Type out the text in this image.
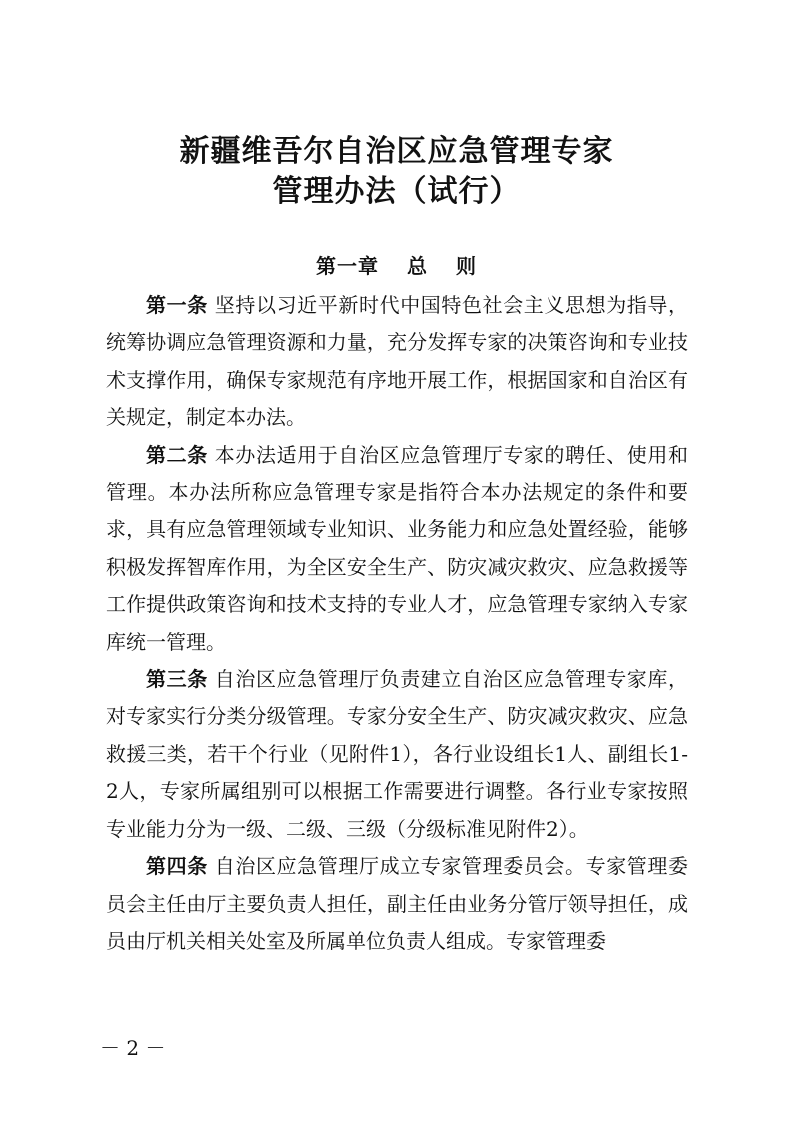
新疆维吾尔自治区应急管理专家
管理办法（试行）
第一章 总 则

第一条 坚持以习近平新时代中国特色社会主义思想为指导，统筹协调应急管理资源和力量，充分发挥专家的决策咨询和专业技术支撑作用，确保专家规范有序地开展工作，根据国家和自治区有关规定，制定本办法。

第二条 本办法适用于自治区应急管理厅专家的聘任、使用和管理。本办法所称应急管理专家是指符合本办法规定的条件和要求，具有应急管理领域专业知识、业务能力和应急处置经验，能够积极发挥智库作用，为全区安全生产、防灾减灾救灾、应急救援等工作提供政策咨询和技术支持的专业人才，应急管理专家纳入专家库统一管理。

第三条 自治区应急管理厅负责建立自治区应急管理专家库，对专家实行分类分级管理。专家分安全生产、防灾减灾救灾、应急救援三类，若干个行业（见附件1），各行业设组长1人、副组长1-2人，专家所属组别可以根据工作需要进行调整。各行业专家按照专业能力分为一级、二级、三级（分级标准见附件2）。

第四条 自治区应急管理厅成立专家管理委员会。专家管理委员会主任由厅主要负责人担任，副主任由业务分管厅领导担任，成员由厅机关相关处室及所属单位负责人组成。专家管理委

－ 2 －
